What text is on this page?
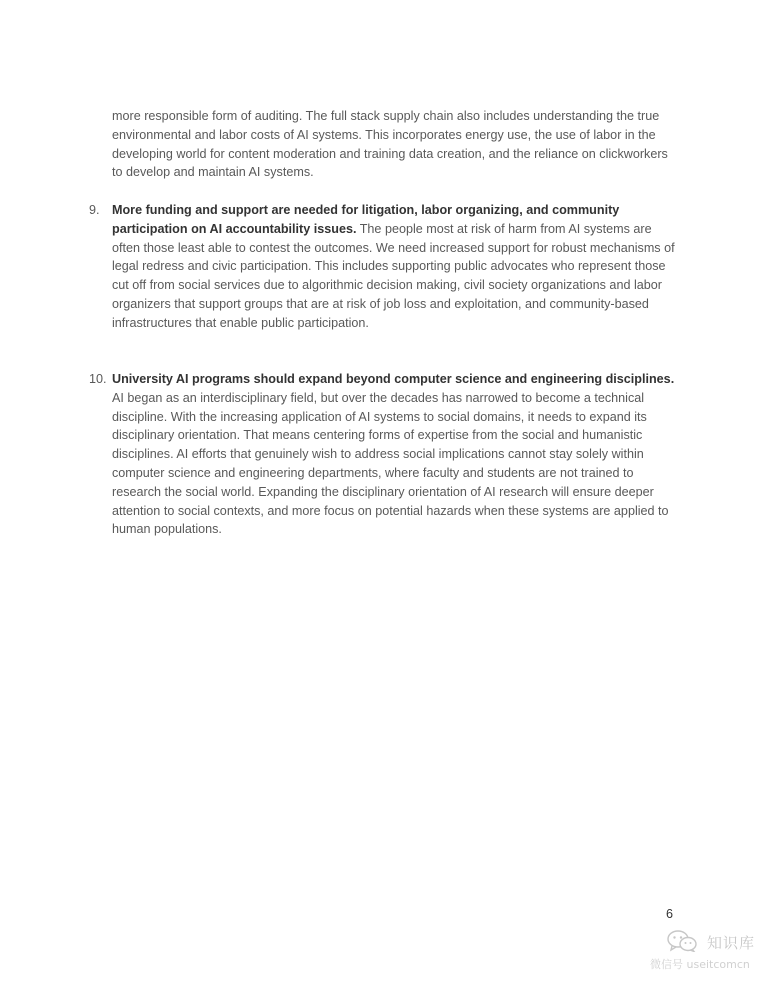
more responsible form of auditing. The full stack supply chain also includes understanding the true environmental and labor costs of AI systems. This incorporates energy use, the use of labor in the developing world for content moderation and training data creation, and the reliance on clickworkers to develop and maintain AI systems.
9. More funding and support are needed for litigation, labor organizing, and community participation on AI accountability issues. The people most at risk of harm from AI systems are often those least able to contest the outcomes. We need increased support for robust mechanisms of legal redress and civic participation. This includes supporting public advocates who represent those cut off from social services due to algorithmic decision making, civil society organizations and labor organizers that support groups that are at risk of job loss and exploitation, and community-based infrastructures that enable public participation.
10. University AI programs should expand beyond computer science and engineering disciplines. AI began as an interdisciplinary field, but over the decades has narrowed to become a technical discipline. With the increasing application of AI systems to social domains, it needs to expand its disciplinary orientation. That means centering forms of expertise from the social and humanistic disciplines. AI efforts that genuinely wish to address social implications cannot stay solely within computer science and engineering departments, where faculty and students are not trained to research the social world. Expanding the disciplinary orientation of AI research will ensure deeper attention to social contexts, and more focus on potential hazards when these systems are applied to human populations.
6
知识库
微信号 useitcomcn
